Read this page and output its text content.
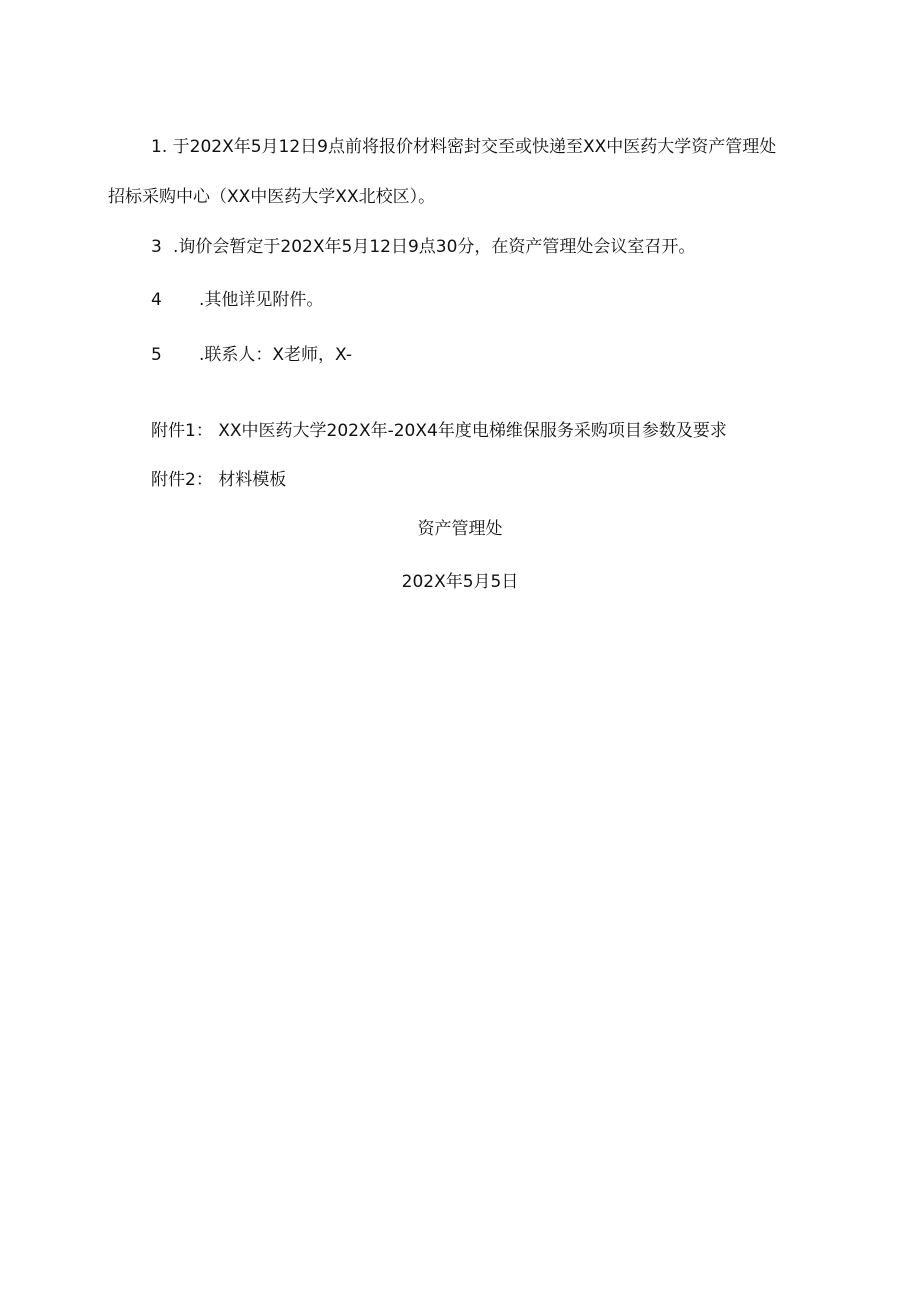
1. 于202X年5月12日9点前将报价材料密封交至或快递至XX中医药大学资产管理处
招标采购中心（XX中医药大学XX北校区）。
3 .询价会暂定于202X年5月12日9点30分，在资产管理处会议室召开。
4 .其他详见附件。
5 .联系人：X老师，X-
附件1： XX中医药大学202X年-20X4年度电梯维保服务采购项目参数及要求
附件2： 材料模板
资产管理处
202X年5月5日
